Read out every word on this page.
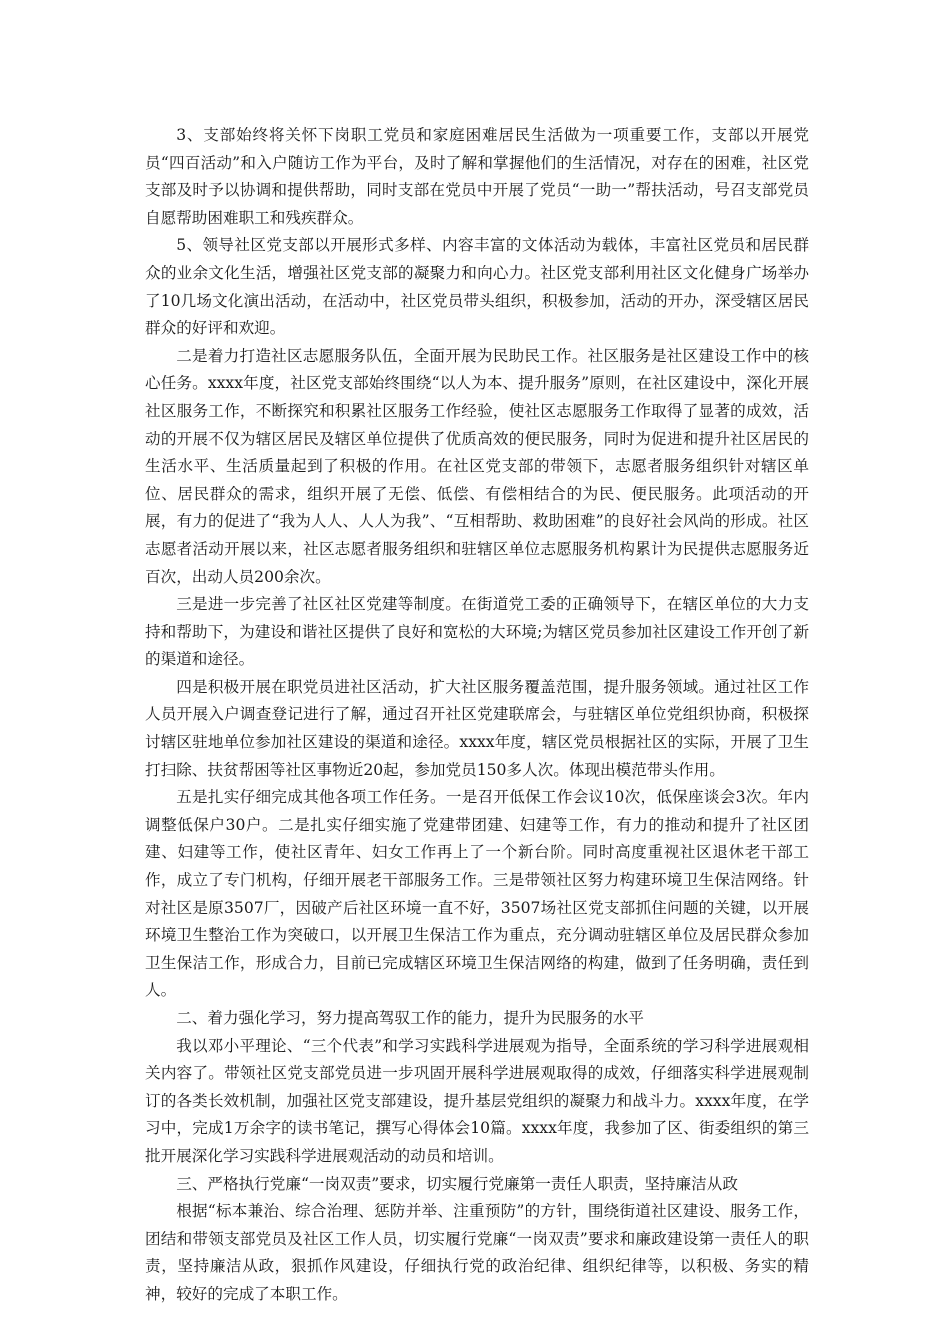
3、支部始终将关怀下岗职工党员和家庭困难居民生活做为一项重要工作，支部以开展党员“四百活动”和入户随访工作为平台，及时了解和掌握他们的生活情况，对存在的困难，社区党支部及时予以协调和提供帮助，同时支部在党员中开展了党员“一助一”帮扶活动，号召支部党员自愿帮助困难职工和残疾群众。

5、领导社区党支部以开展形式多样、内容丰富的文体活动为载体，丰富社区党员和居民群众的业余文化生活，增强社区党支部的凝聚力和向心力。社区党支部利用社区文化健身广场举办了10几场文化演出活动，在活动中，社区党员带头组织，积极参加，活动的开办，深受辖区居民群众的好评和欢迎。

二是着力打造社区志愿服务队伍，全面开展为民助民工作。社区服务是社区建设工作中的核心任务。xxxx年度，社区党支部始终围绕“以人为本、提升服务”原则，在社区建设中，深化开展社区服务工作，不断探究和积累社区服务工作经验，使社区志愿服务工作取得了显著的成效，活动的开展不仅为辖区居民及辖区单位提供了优质高效的便民服务，同时为促进和提升社区居民的生活水平、生活质量起到了积极的作用。在社区党支部的带领下，志愿者服务组织针对辖区单位、居民群众的需求，组织开展了无偿、低偿、有偿相结合的为民、便民服务。此项活动的开展，有力的促进了“我为人人、人人为我”、“互相帮助、救助困难”的良好社会风尚的形成。社区志愿者活动开展以来，社区志愿者服务组织和驻辖区单位志愿服务机构累计为民提供志愿服务近百次，出动人员200余次。

三是进一步完善了社区社区党建等制度。在街道党工委的正确领导下，在辖区单位的大力支持和帮助下，为建设和谐社区提供了良好和宽松的大环境;为辖区党员参加社区建设工作开创了新的渠道和途径。

四是积极开展在职党员进社区活动，扩大社区服务覆盖范围，提升服务领域。通过社区工作人员开展入户调查登记进行了解，通过召开社区党建联席会，与驻辖区单位党组织协商，积极探讨辖区驻地单位参加社区建设的渠道和途径。xxxx年度，辖区党员根据社区的实际，开展了卫生打扫除、扶贫帮困等社区事物近20起，参加党员150多人次。体现出模范带头作用。

五是扎实仔细完成其他各项工作任务。一是召开低保工作会议10次，低保座谈会3次。年内调整低保户30户。二是扎实仔细实施了党建带团建、妇建等工作，有力的推动和提升了社区团建、妇建等工作，使社区青年、妇女工作再上了一个新台阶。同时高度重视社区退休老干部工作，成立了专门机构，仔细开展老干部服务工作。三是带领社区努力构建环境卫生保洁网络。针对社区是原3507厂，因破产后社区环境一直不好，3507场社区党支部抓住问题的关键，以开展环境卫生整治工作为突破口，以开展卫生保洁工作为重点，充分调动驻辖区单位及居民群众参加卫生保洁工作，形成合力，目前已完成辖区环境卫生保洁网络的构建，做到了任务明确，责任到人。

二、着力强化学习，努力提高驾驭工作的能力，提升为民服务的水平

我以邓小平理论、“三个代表”和学习实践科学进展观为指导，全面系统的学习科学进展观相关内容了。带领社区党支部党员进一步巩固开展科学进展观取得的成效，仔细落实科学进展观制订的各类长效机制，加强社区党支部建设，提升基层党组织的凝聚力和战斗力。xxxx年度，在学习中，完成1万余字的读书笔记，撰写心得体会10篇。xxxx年度，我参加了区、街委组织的第三批开展深化学习实践科学进展观活动的动员和培训。

三、严格执行党廉“一岗双责”要求，切实履行党廉第一责任人职责，坚持廉洁从政

根据“标本兼治、综合治理、惩防并举、注重预防”的方针，围绕街道社区建设、服务工作，团结和带领支部党员及社区工作人员，切实履行党廉“一岗双责”要求和廉政建设第一责任人的职责，坚持廉洁从政，狠抓作风建设，仔细执行党的政治纪律、组织纪律等，以积极、务实的精神，较好的完成了本职工作。
